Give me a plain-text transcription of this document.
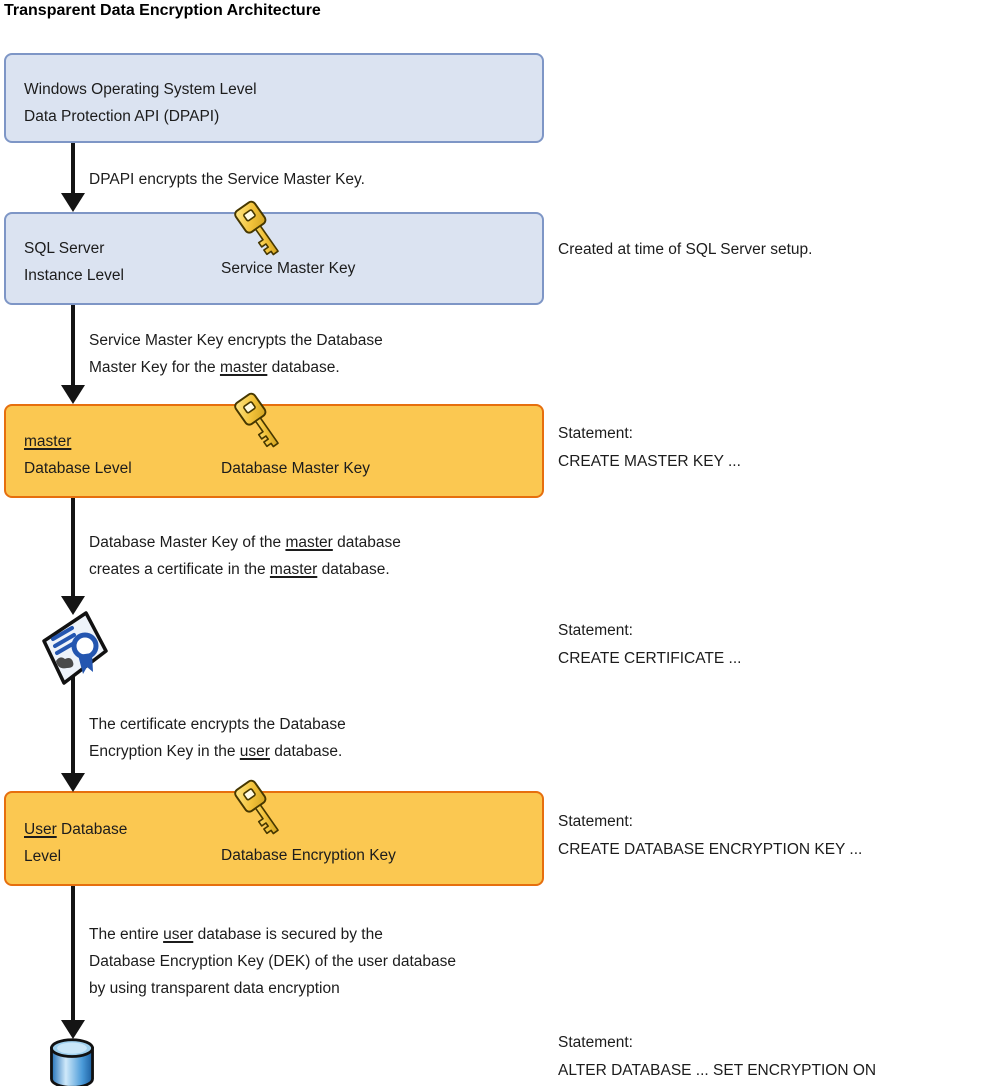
Transparent Data Encryption Architecture
Windows Operating System Level
Data Protection API (DPAPI)
DPAPI encrypts the Service Master Key.
SQL Server
Instance Level	Service Master Key
Created at time of SQL Server setup.
Service Master Key encrypts the Database
Master Key for the master database.
master
Database Level	Database Master Key
Statement:
CREATE MASTER KEY ...
Database Master Key of the master database
creates a certificate in the master database.
Statement:
CREATE CERTIFICATE ...
The certificate encrypts the Database
Encryption Key in the user database.
User Database
Level	Database Encryption Key
Statement:
CREATE DATABASE ENCRYPTION KEY ...
The entire user database is secured by the
Database Encryption Key (DEK) of the user database
by using transparent data encryption
Statement:
ALTER DATABASE ... SET ENCRYPTION ON
